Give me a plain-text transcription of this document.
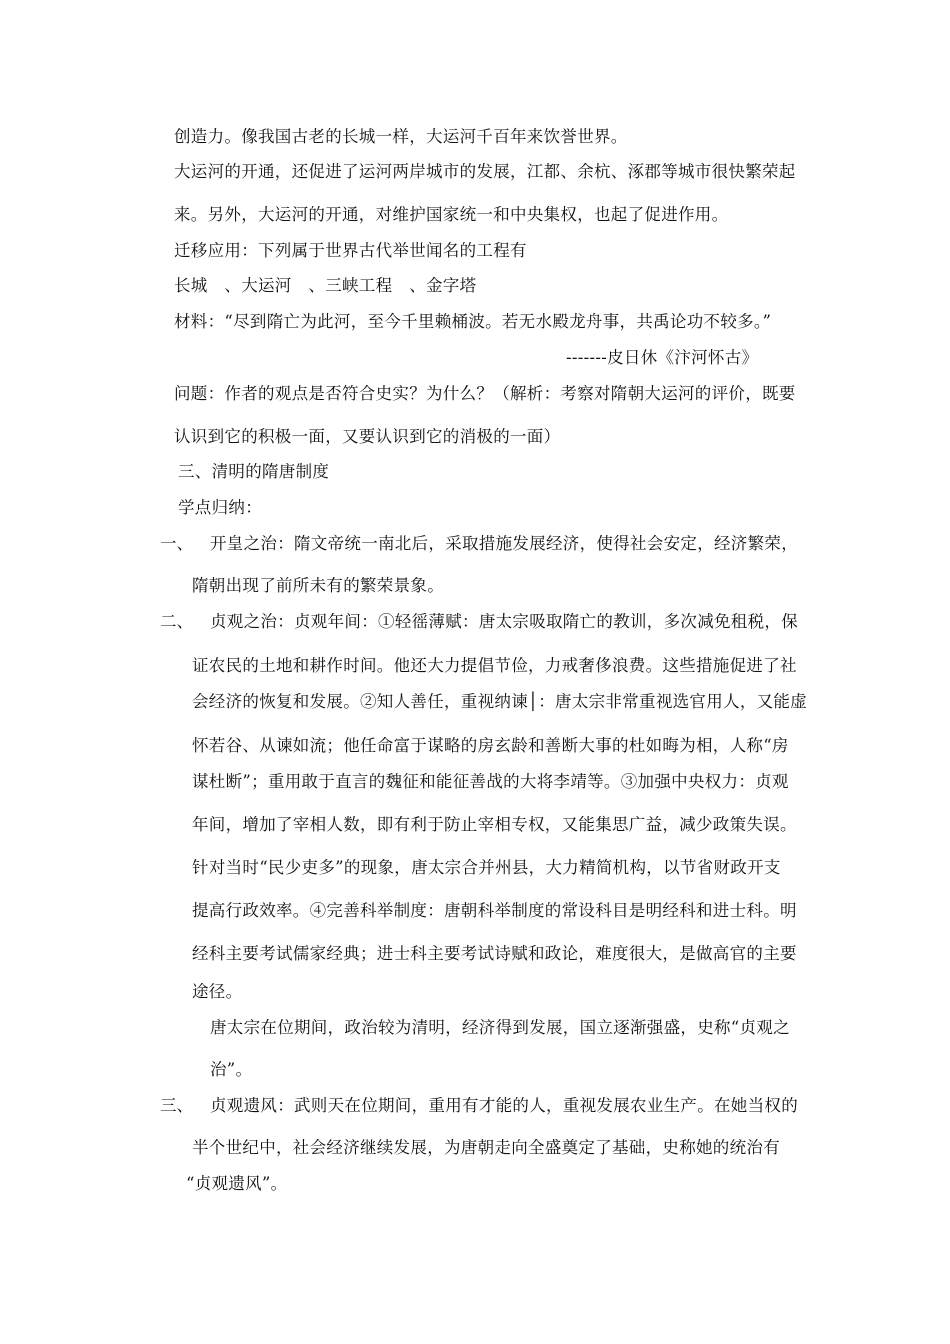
创造力。像我国古老的长城一样，大运河千百年来饮誉世界。
大运河的开通，还促进了运河两岸城市的发展，江都、余杭、涿郡等城市很快繁荣起
来。另外，大运河的开通，对维护国家统一和中央集权，也起了促进作用。
迁移应用：下列属于世界古代举世闻名的工程有
长城　、大运河　、三峡工程　、金字塔
材料：“尽到隋亡为此河，至今千里赖桶波。若无水殿龙舟事，共禹论功不较多。”
-------皮日休《汴河怀古》
问题：作者的观点是否符合史实？为什么？（解析：考察对隋朝大运河的评价，既要
认识到它的积极一面，又要认识到它的消极的一面）
三、清明的隋唐制度
学点归纳：
一、 开皇之治：隋文帝统一南北后，采取措施发展经济，使得社会安定，经济繁荣，
隋朝出现了前所未有的繁荣景象。
二、 贞观之治：贞观年间：①轻徭薄赋：唐太宗吸取隋亡的教训，多次减免租税，保
证农民的土地和耕作时间。他还大力提倡节俭，力戒奢侈浪费。这些措施促进了社
会经济的恢复和发展。②知人善任，重视纳谏│：唐太宗非常重视选官用人，又能虚
怀若谷、从谏如流；他任命富于谋略的房玄龄和善断大事的杜如晦为相，人称“房
谋杜断”；重用敢于直言的魏征和能征善战的大将李靖等。③加强中央权力：贞观
年间，增加了宰相人数，即有利于防止宰相专权，又能集思广益，减少政策失误。
针对当时“民少吏多”的现象，唐太宗合并州县，大力精简机构，以节省财政开支
提高行政效率。④完善科举制度：唐朝科举制度的常设科目是明经科和进士科。明
经科主要考试儒家经典；进士科主要考试诗赋和政论，难度很大，是做高官的主要
途径。
唐太宗在位期间，政治较为清明，经济得到发展，国立逐渐强盛，史称“贞观之
治”。
三、 贞观遗风：武则天在位期间，重用有才能的人，重视发展农业生产。在她当权的
半个世纪中，社会经济继续发展，为唐朝走向全盛奠定了基础，史称她的统治有
“贞观遗风”。
